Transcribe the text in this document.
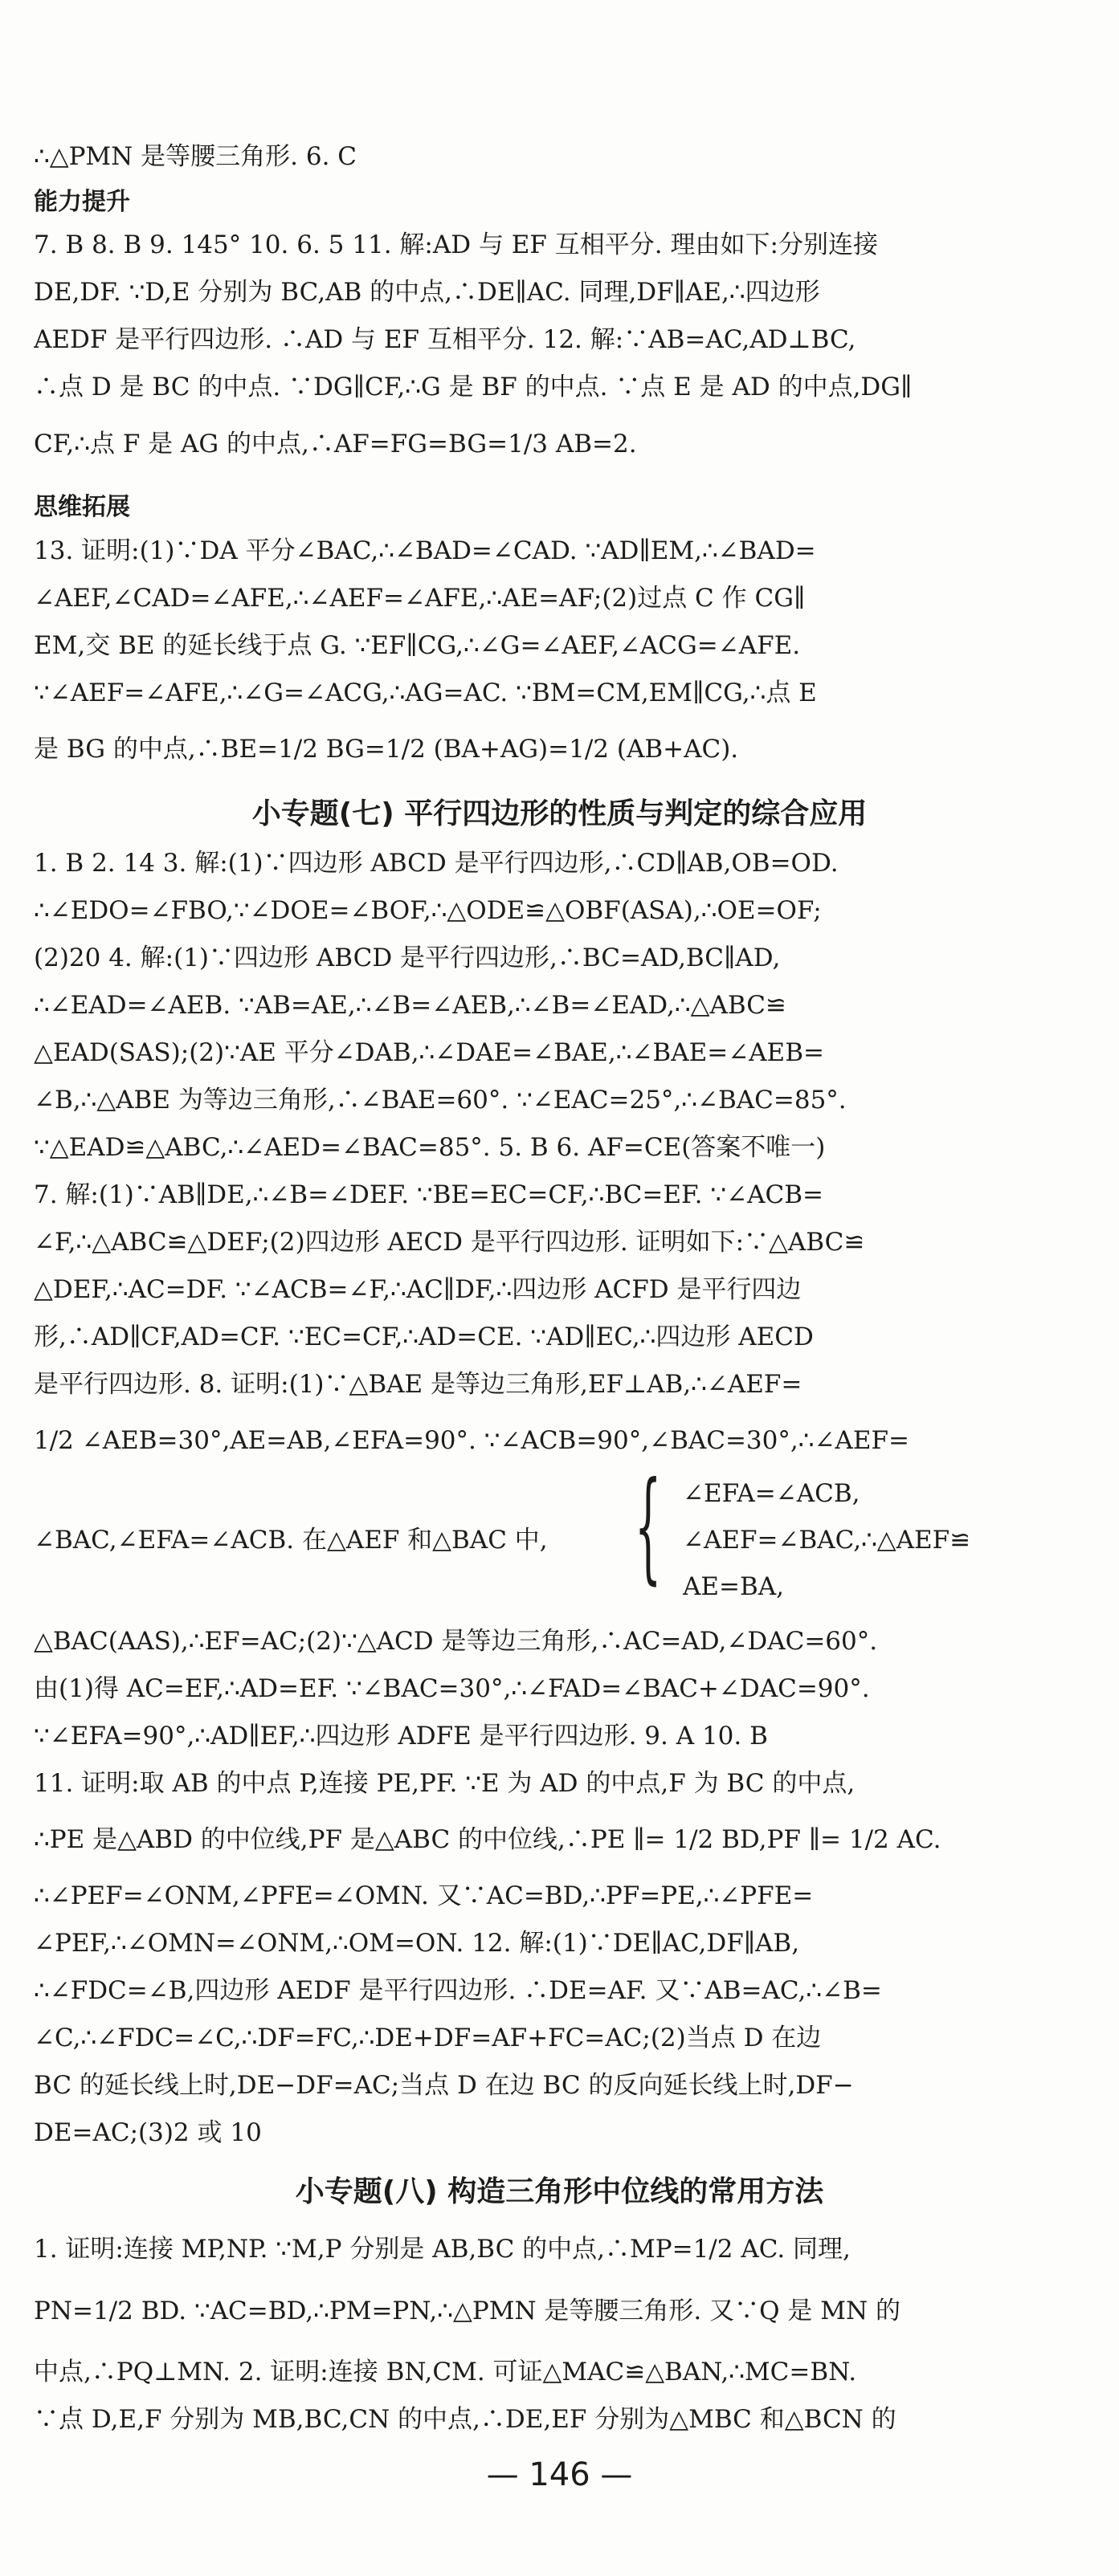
∴△PMN 是等腰三角形. 6. C
能力提升
7. B 8. B 9. 145° 10. 6. 5 11. 解:AD 与 EF 互相平分. 理由如下:分别连接
DE,DF. ∵D,E 分别为 BC,AB 的中点,∴DE∥AC. 同理,DF∥AE,∴四边形
AEDF 是平行四边形. ∴AD 与 EF 互相平分. 12. 解:∵AB=AC,AD⊥BC,
∴点 D 是 BC 的中点. ∵DG∥CF,∴G 是 BF 的中点. ∵点 E 是 AD 的中点,DG∥
CF,∴点 F 是 AG 的中点,∴AF=FG=BG=1/3 AB=2.
思维拓展
13. 证明:(1)∵DA 平分∠BAC,∴∠BAD=∠CAD. ∵AD∥EM,∴∠BAD=
∠AEF,∠CAD=∠AFE,∴∠AEF=∠AFE,∴AE=AF;(2)过点 C 作 CG∥
EM,交 BE 的延长线于点 G. ∵EF∥CG,∴∠G=∠AEF,∠ACG=∠AFE.
∵∠AEF=∠AFE,∴∠G=∠ACG,∴AG=AC. ∵BM=CM,EM∥CG,∴点 E
是 BG 的中点,∴BE=1/2 BG=1/2 (BA+AG)=1/2 (AB+AC).
小专题(七) 平行四边形的性质与判定的综合应用
1. B 2. 14 3. 解:(1)∵四边形 ABCD 是平行四边形,∴CD∥AB,OB=OD.
∴∠EDO=∠FBO,∵∠DOE=∠BOF,∴△ODE≌△OBF(ASA),∴OE=OF;
(2)20 4. 解:(1)∵四边形 ABCD 是平行四边形,∴BC=AD,BC∥AD,
∴∠EAD=∠AEB. ∵AB=AE,∴∠B=∠AEB,∴∠B=∠EAD,∴△ABC≌
△EAD(SAS);(2)∵AE 平分∠DAB,∴∠DAE=∠BAE,∴∠BAE=∠AEB=
∠B,∴△ABE 为等边三角形,∴∠BAE=60°. ∵∠EAC=25°,∴∠BAC=85°.
∵△EAD≌△ABC,∴∠AED=∠BAC=85°. 5. B 6. AF=CE(答案不唯一)
7. 解:(1)∵AB∥DE,∴∠B=∠DEF. ∵BE=EC=CF,∴BC=EF. ∵∠ACB=
∠F,∴△ABC≌△DEF;(2)四边形 AECD 是平行四边形. 证明如下:∵△ABC≌
△DEF,∴AC=DF. ∵∠ACB=∠F,∴AC∥DF,∴四边形 ACFD 是平行四边
形,∴AD∥CF,AD=CF. ∵EC=CF,∴AD=CE. ∵AD∥EC,∴四边形 AECD
是平行四边形. 8. 证明:(1)∵△BAE 是等边三角形,EF⊥AB,∴∠AEF=
1/2 ∠AEB=30°,AE=AB,∠EFA=90°. ∵∠ACB=90°,∠BAC=30°,∴∠AEF=
∠BAC,∠EFA=∠ACB. 在△AEF 和△BAC 中, { ∠EFA=∠ACB,
∠AEF=∠BAC,∴△AEF≌
AE=BA,
△BAC(AAS),∴EF=AC;(2)∵△ACD 是等边三角形,∴AC=AD,∠DAC=60°.
由(1)得 AC=EF,∴AD=EF. ∵∠BAC=30°,∴∠FAD=∠BAC+∠DAC=90°.
∵∠EFA=90°,∴AD∥EF,∴四边形 ADFE 是平行四边形. 9. A 10. B
11. 证明:取 AB 的中点 P,连接 PE,PF. ∵E 为 AD 的中点,F 为 BC 的中点,
∴PE 是△ABD 的中位线,PF 是△ABC 的中位线,∴PE ∥= 1/2 BD,PF ∥= 1/2 AC.
∴∠PEF=∠ONM,∠PFE=∠OMN. 又∵AC=BD,∴PF=PE,∴∠PFE=
∠PEF,∴∠OMN=∠ONM,∴OM=ON. 12. 解:(1)∵DE∥AC,DF∥AB,
∴∠FDC=∠B,四边形 AEDF 是平行四边形. ∴DE=AF. 又∵AB=AC,∴∠B=
∠C,∴∠FDC=∠C,∴DF=FC,∴DE+DF=AF+FC=AC;(2)当点 D 在边
BC 的延长线上时,DE−DF=AC;当点 D 在边 BC 的反向延长线上时,DF−
DE=AC;(3)2 或 10
小专题(八) 构造三角形中位线的常用方法
1. 证明:连接 MP,NP. ∵M,P 分别是 AB,BC 的中点,∴MP=1/2 AC. 同理,
PN=1/2 BD. ∵AC=BD,∴PM=PN,∴△PMN 是等腰三角形. 又∵Q 是 MN 的
中点,∴PQ⊥MN. 2. 证明:连接 BN,CM. 可证△MAC≌△BAN,∴MC=BN.
∵点 D,E,F 分别为 MB,BC,CN 的中点,∴DE,EF 分别为△MBC 和△BCN 的
— 146 —
